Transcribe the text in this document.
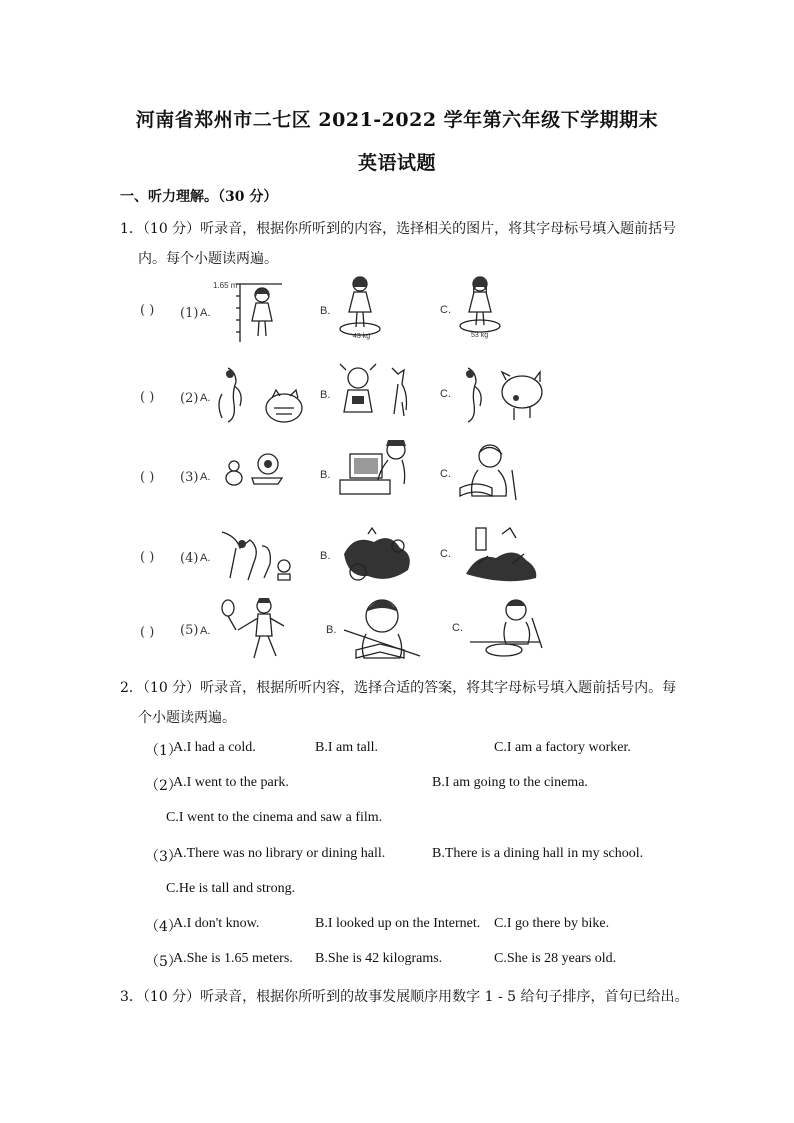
河南省郑州市二七区 2021-2022 学年第六年级下学期期末
英语试题
一、听力理解。（30 分）
1．（10 分）听录音，根据你所听到的内容，选择相关的图片，将其字母标号填入题前括号
内。每个小题读两遍。
( ) (1) A.	B.	C.
1.65 m
43 kg	53 kg
( ) (2) A.	B.	C.
( ) (3) A.	B.	C.
( ) (4) A.	B.	C.
( ) (5) A.	B.	C.
2．（10 分）听录音，根据所听内容，选择合适的答案，将其字母标号填入题前括号内。每
个小题读两遍。
（1）
A.I had a cold.	B.I am tall.	C.I am a factory worker.
（2）
A.I went to the park.	B.I am going to the cinema.
C.I went to the cinema and saw a film.
（3）
A.There was no library or dining hall.	B.There is a dining hall in my school.
C.He is tall and strong.
（4）
A.I don't know.	B.I looked up on the Internet. C.I go there by bike.
（5）
A.She is 1.65 meters. B.She is 42 kilograms.	C.She is 28 years old.
3．（10 分）听录音，根据你所听到的故事发展顺序用数字 1 - 5 给句子排序，首句已给出。
